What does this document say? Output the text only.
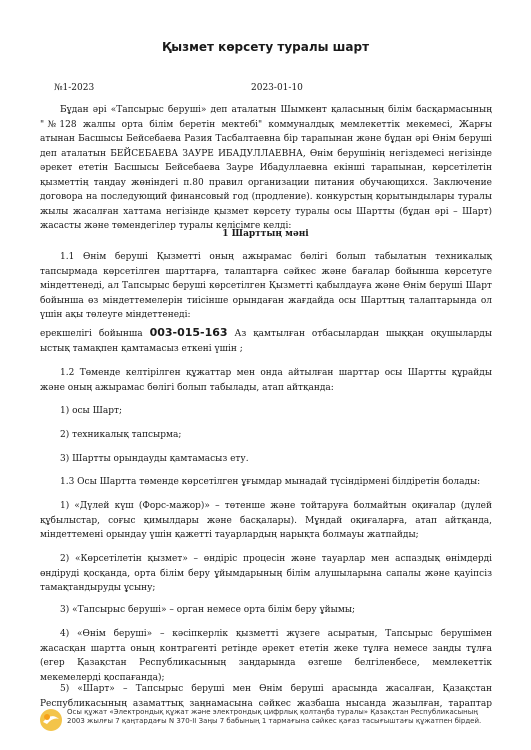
Қызмет көрсету туралы шарт
№1-2023	2023-01-10

Бұдан әрі «Тапсырыс беруші» деп аталатын Шымкент қаласының білім басқармасының "№128 жалпы орта білім беретін мектебі" коммуналдық мемлекеттік мекемесі, Жарғы атынан Басшысы Бейсебаева Разия Тасбалтаевна бір тарапынан және бұдан әрі Өнім беруші деп аталатын БЕЙСЕБАЕВА ЗАУРЕ ИБАДУЛЛАЕВНА, Өнім берушінің негіздемесі негізінде әрекет ететін Басшысы Бейсебаева Зауре Ибадуллаевна екінші тарапынан, көрсетілетін қызметтің таңдау жөніндегі п.80 правил организации питания обучающихся. Заключение договора на последующий финансовый год (продление). конкурстың қорытындылары туралы жылы жасалған хаттама негізінде қызмет көрсету туралы осы Шартты (бұдан әрі – Шарт) жасасты және төмендегілер туралы келісімге келді:

1 Шарттың мәні

1.1 Өнім беруші Қызметті оның ажырамас бөлігі болып табылатын техникалық тапсырмада көрсетілген шарттарға, талаптарға сәйкес және бағалар бойынша көрсетуге міндеттенеді, ал Тапсырыс беруші көрсетілген Қызметті қабылдауға және Өнім беруші Шарт бойынша өз міндеттемелерін тиісінше орындаған жағдайда осы Шарттың талаптарында ол үшін ақы төлеуге міндеттенеді:

ерекшелігі бойынша 003-015-163 Аз қамтылған отбасылардан шыққан оқушыларды ыстық тамақпен қамтамасыз еткені үшін ;

1.2 Төменде келтірілген құжаттар мен онда айтылған шарттар осы Шартты құрайды және оның ажырамас бөлігі болып табылады, атап айтқанда:

1) осы Шарт;

2) техникалық тапсырма;

3) Шартты орындауды қамтамасыз ету.

1.3 Осы Шартта төменде көрсетілген ұғымдар мынадай түсіндірмені білдіретін болады:

1) «Дүлей күш (Форс-мажор)» – төтенше және тойтаруға болмайтын оқиғалар (дүлей құбылыстар, соғыс қимылдары және басқалары). Мұндай оқиғаларға, атап айтқанда, міндеттемені орындау үшін қажетті тауарлардың нарықта болмауы жатпайды;

2) «Көрсетілетін қызмет» – өндіріс процесін және тауарлар мен аспаздық өнімдерді өндіруді қосқанда, орта білім беру ұйымдарының білім алушыларына сапалы және қауіпсіз тамақтандыруды ұсыну;

3) «Тапсырыс беруші» – орган немесе орта білім беру ұйымы;

4) «Өнім беруші» – кәсіпкерлік қызметті жүзеге асыратын, Тапсырыс берушімен жасасқан шартта оның контрагенті ретінде әрекет ететін жеке тұлға немесе заңды тұлға (егер Қазақстан Республикасының заңдарында өзгеше белгіленбесе, мемлекеттік мекемелерді қоспағанда);

5) «Шарт» – Тапсырыс беруші мен Өнім беруші арасында жасалған, Қазақстан Республикасының азаматтық заңнамасына сәйкес жазбаша нысанда жазылған, тараптар

Осы құжат «Электрондық құжат және электрондық цифрлық қолтаңба туралы» Қазақстан Республикасының 2003 жылғы 7 қаңтардағы N 370-II Заңы 7 бабының 1 тармағына сәйкес қағаз тасығыштағы құжатпен бірдей.
